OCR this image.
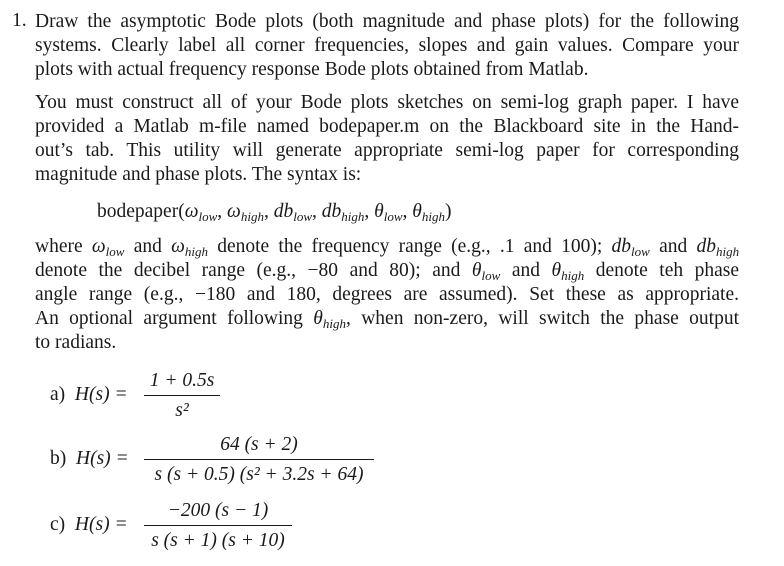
1. Draw the asymptotic Bode plots (both magnitude and phase plots) for the following
systems. Clearly label all corner frequencies, slopes and gain values. Compare your
plots with actual frequency response Bode plots obtained from Matlab.
You must construct all of your Bode plots sketches on semi-log graph paper. I have
provided a Matlab m-file named bodepaper.m on the Blackboard site in the Hand-
out’s tab. This utility will generate appropriate semi-log paper for corresponding
magnitude and phase plots. The syntax is:
$bodepaper(\omega_{low}$, $\omega_{high}$, $db_{low}$, $db_{high}$, $\theta_{low}$, $\theta_{high}$)
where $\omega_{low}$ and $\omega_{high}$ denote the frequency range (e.g., .1 and 100); $db_{low}$ and $db_{high}$
denote the decibel range (e.g., −80 and 80); and $\theta_{low}$ and $\theta_{high}$ denote teh phase
angle range (e.g., −180 and 180, degrees are assumed). Set these as appropriate.
An optional argument following $\theta_{high}$, when non-zero, will switch the phase output
to radians.
a) H(s) =
1 + 0.5s
s²
b) H(s) =
64 (s + 2)
s (s + 0.5) (s² + 3.2s + 64)
c) H(s) =
−200 (s − 1)
s (s + 1) (s + 10)
